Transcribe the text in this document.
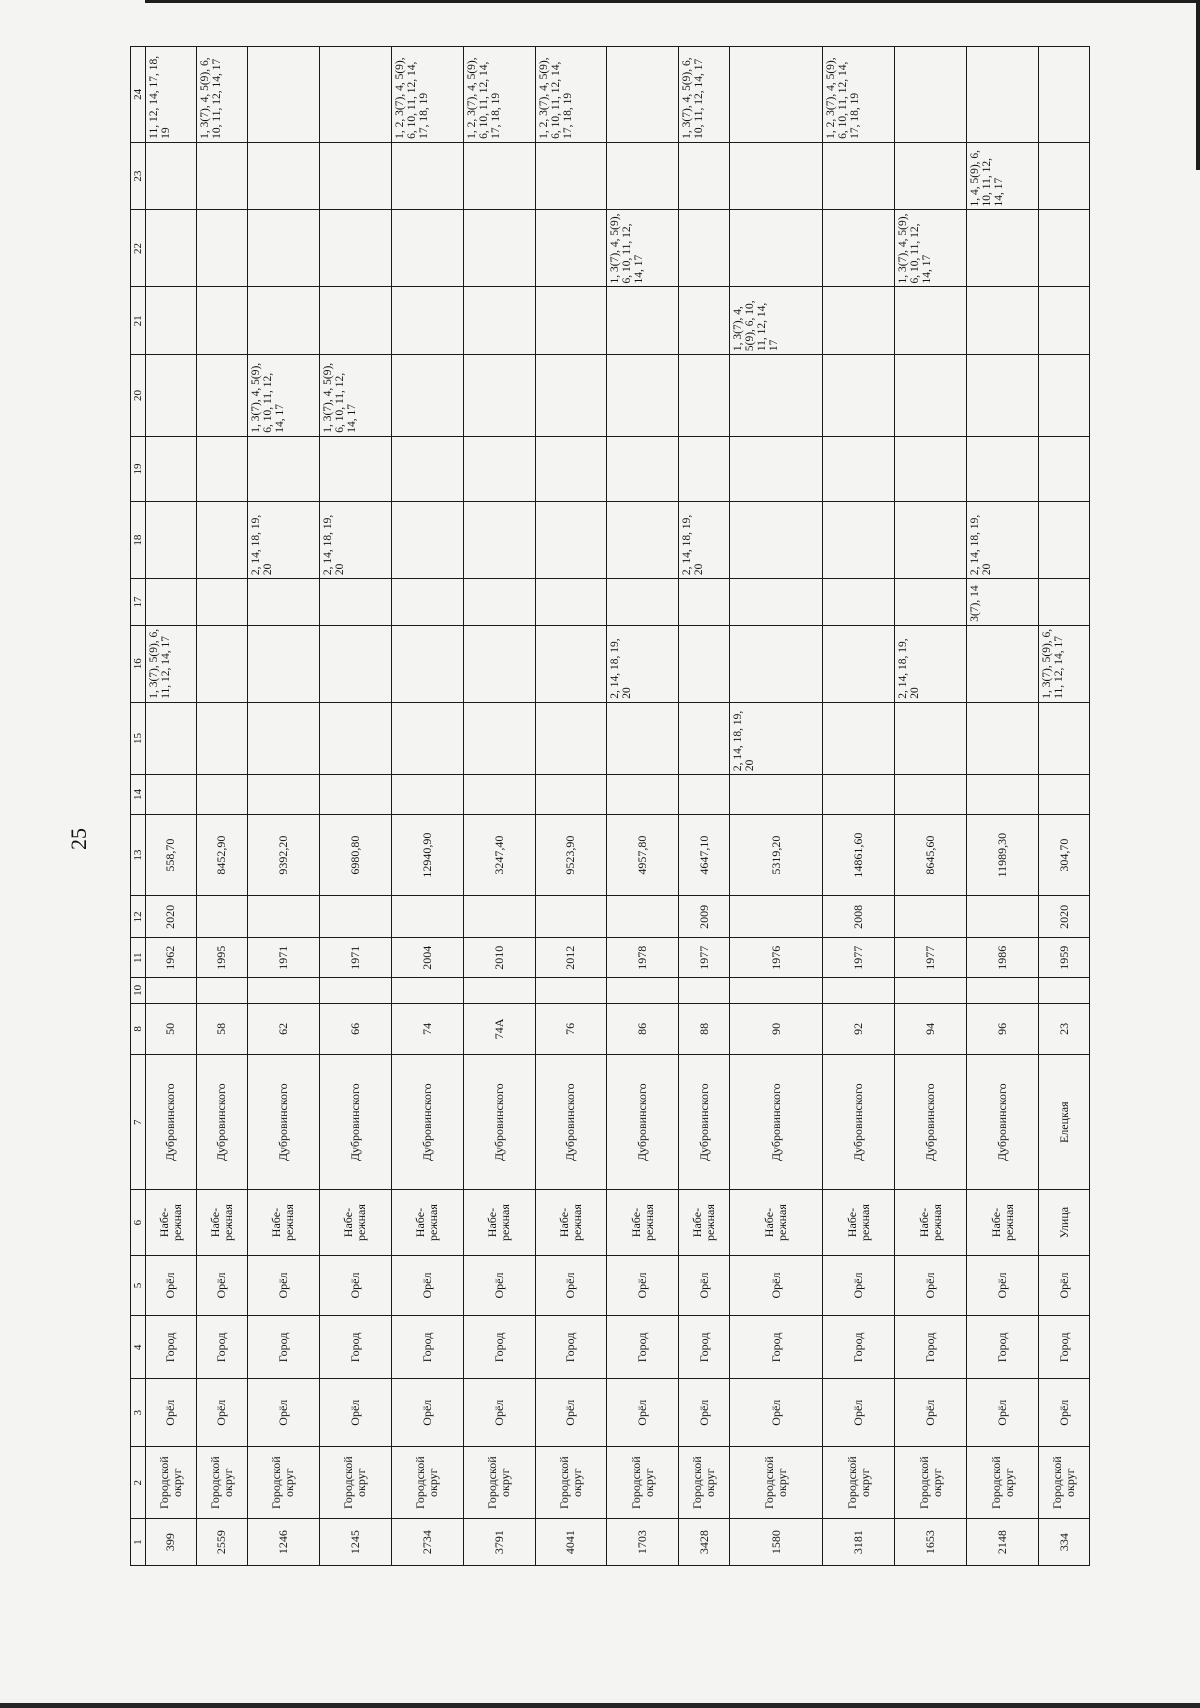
25
1	2	3	4	5	6	7	8	10	11	12	13	14	15	16	17	18	19	20	21	22	23	24
399	Городской округ	Орёл	Город	Орёл	Набе-режная	Дубровинского	50		1962	2020	558,70			1, 3(7), 5(9), 6, 11, 12, 14, 17								11, 12, 14, 17, 18, 19
2559	Городской округ	Орёл	Город	Орёл	Набе-режная	Дубровинского	58		1995		8452,90											1, 3(7), 4, 5(9), 6, 10, 11, 12, 14, 17
1246	Городской округ	Орёл	Город	Орёл	Набе-режная	Дубровинского	62		1971		9392,20					2, 14, 18, 19, 20		1, 3(7), 4, 5(9), 6, 10, 11, 12, 14, 17				
1245	Городской округ	Орёл	Город	Орёл	Набе-режная	Дубровинского	66		1971		6980,80					2, 14, 18, 19, 20		1, 3(7), 4, 5(9), 6, 10, 11, 12, 14, 17				
2734	Городской округ	Орёл	Город	Орёл	Набе-режная	Дубровинского	74		2004		12940,90											1, 2, 3(7), 4, 5(9), 6, 10, 11, 12, 14, 17, 18, 19
3791	Городской округ	Орёл	Город	Орёл	Набе-режная	Дубровинского	74А		2010		3247,40											1, 2, 3(7), 4, 5(9), 6, 10, 11, 12, 14, 17, 18, 19
4041	Городской округ	Орёл	Город	Орёл	Набе-режная	Дубровинского	76		2012		9523,90											1, 2, 3(7), 4, 5(9), 6, 10, 11, 12, 14, 17, 18, 19
1703	Городской округ	Орёл	Город	Орёл	Набе-режная	Дубровинского	86		1978		4957,80			2, 14, 18, 19, 20						1, 3(7), 4, 5(9), 6, 10, 11, 12, 14, 17		
3428	Городской округ	Орёл	Город	Орёл	Набе-режная	Дубровинского	88		1977	2009	4647,10					2, 14, 18, 19, 20						1, 3(7), 4, 5(9), 6, 10, 11, 12, 14, 17
1580	Городской округ	Орёл	Город	Орёл	Набе-режная	Дубровинского	90		1976		5319,20		2, 14, 18, 19, 20						1, 3(7), 4, 5(9), 6, 10, 11, 12, 14, 17			
3181	Городской округ	Орёл	Город	Орёл	Набе-режная	Дубровинского	92		1977	2008	14861,60											1, 2, 3(7), 4, 5(9), 6, 10, 11, 12, 14, 17, 18, 19
1653	Городской округ	Орёл	Город	Орёл	Набе-режная	Дубровинского	94		1977		8645,60			2, 14, 18, 19, 20						1, 3(7), 4, 5(9), 6, 10, 11, 12, 14, 17		
2148	Городской округ	Орёл	Город	Орёл	Набе-режная	Дубровинского	96		1986		11989,30				3(7), 14	2, 14, 18, 19, 20					1, 4, 5(9), 6, 10, 11, 12, 14, 17	
334	Городской округ	Орёл	Город	Орёл	Улица	Елецкая	23		1959	2020	304,70			1, 3(7), 5(9), 6, 11, 12, 14, 17								
